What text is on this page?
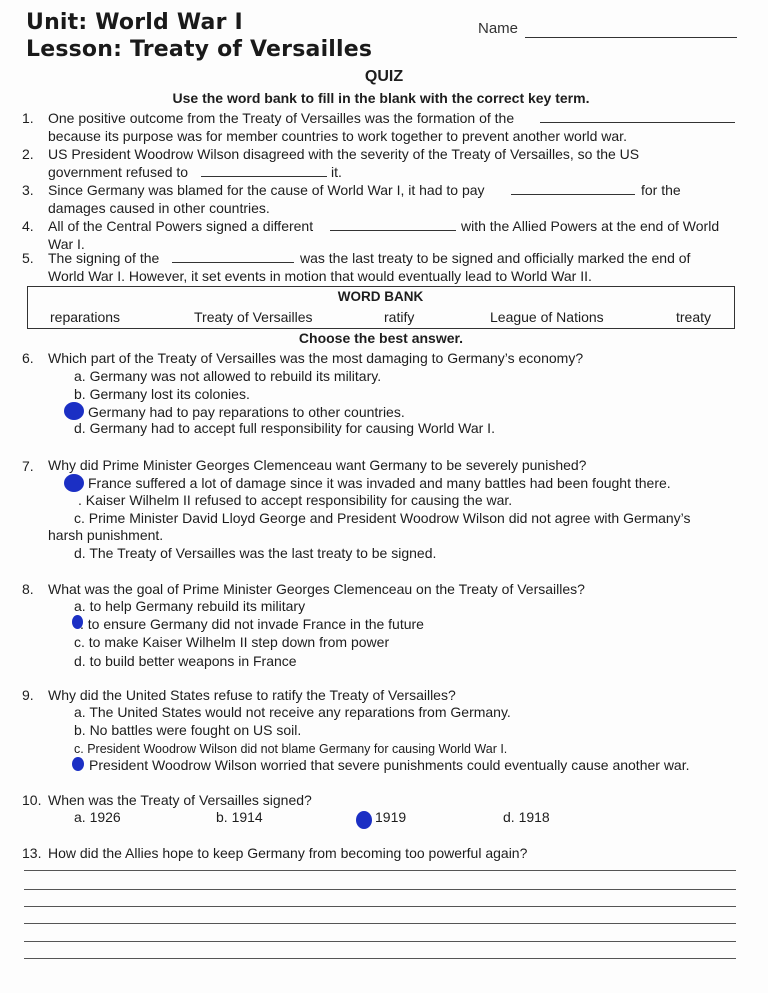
Unit: World War I
Lesson: Treaty of Versailles
Name
QUIZ
Use the word bank to fill in the blank with the correct key term.
1. One positive outcome from the Treaty of Versailles was the formation of the
because its purpose was for member countries to work together to prevent another world war.
2. US President Woodrow Wilson disagreed with the severity of the Treaty of Versailles, so the US
government refused to	it.
3. Since Germany was blamed for the cause of World War I, it had to pay	for the
damages caused in other countries.
4. All of the Central Powers signed a different	with the Allied Powers at the end of World
War I.
5. The signing of the	was the last treaty to be signed and officially marked the end of
World War I. However, it set events in motion that would eventually lead to World War II.
WORD BANK
reparations	Treaty of Versailles	ratify	League of Nations	treaty
Choose the best answer.
6. Which part of the Treaty of Versailles was the most damaging to Germany’s economy?
a. Germany was not allowed to rebuild its military.
b. Germany lost its colonies.
Germany had to pay reparations to other countries.
d. Germany had to accept full responsibility for causing World War I.
7. Why did Prime Minister Georges Clemenceau want Germany to be severely punished?
France suffered a lot of damage since it was invaded and many battles had been fought there.
. Kaiser Wilhelm II refused to accept responsibility for causing the war.
c. Prime Minister David Lloyd George and President Woodrow Wilson did not agree with Germany’s
harsh punishment.
d. The Treaty of Versailles was the last treaty to be signed.
8. What was the goal of Prime Minister Georges Clemenceau on the Treaty of Versailles?
a. to help Germany rebuild its military
. to ensure Germany did not invade France in the future
c. to make Kaiser Wilhelm II step down from power
d. to build better weapons in France
9. Why did the United States refuse to ratify the Treaty of Versailles?
a. The United States would not receive any reparations from Germany.
b. No battles were fought on US soil.
c. President Woodrow Wilson did not blame Germany for causing World War I.
President Woodrow Wilson worried that severe punishments could eventually cause another war.
10. When was the Treaty of Versailles signed?
a. 1926	b. 1914	1919	d. 1918
13. How did the Allies hope to keep Germany from becoming too powerful again?
